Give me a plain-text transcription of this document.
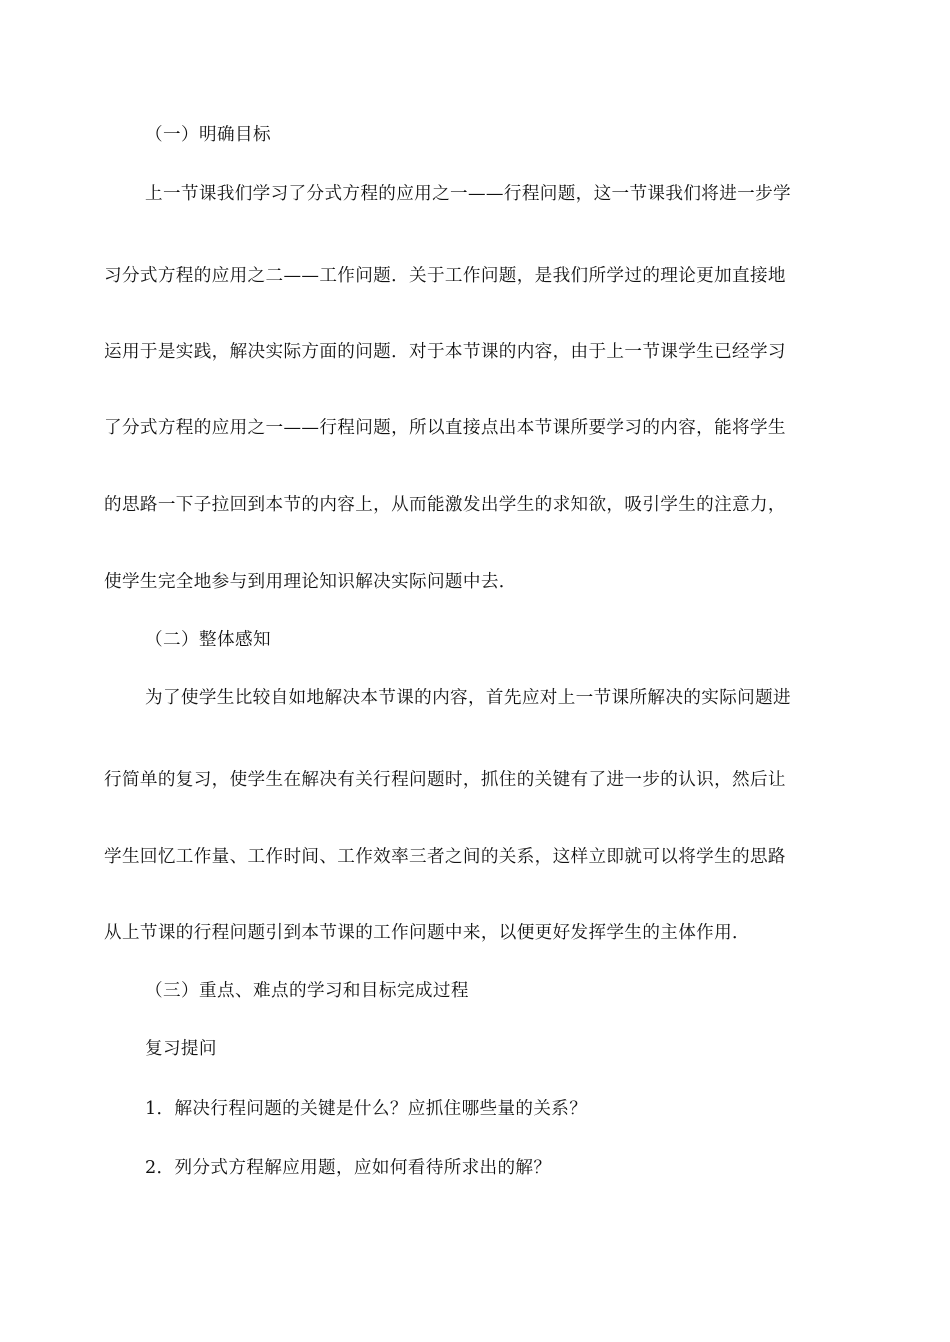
（一）明确目标
上一节课我们学习了分式方程的应用之一——行程问题，这一节课我们将进一步学
习分式方程的应用之二——工作问题．关于工作问题，是我们所学过的理论更加直接地
运用于是实践，解决实际方面的问题．对于本节课的内容，由于上一节课学生已经学习
了分式方程的应用之一——行程问题，所以直接点出本节课所要学习的内容，能将学生
的思路一下子拉回到本节的内容上，从而能激发出学生的求知欲，吸引学生的注意力，
使学生完全地参与到用理论知识解决实际问题中去．
（二）整体感知
为了使学生比较自如地解决本节课的内容，首先应对上一节课所解决的实际问题进
行简单的复习，使学生在解决有关行程问题时，抓住的关键有了进一步的认识，然后让
学生回忆工作量、工作时间、工作效率三者之间的关系，这样立即就可以将学生的思路
从上节课的行程问题引到本节课的工作问题中来，以便更好发挥学生的主体作用．
（三）重点、难点的学习和目标完成过程
复习提问
1．解决行程问题的关键是什么？应抓住哪些量的关系？
2．列分式方程解应用题，应如何看待所求出的解？
